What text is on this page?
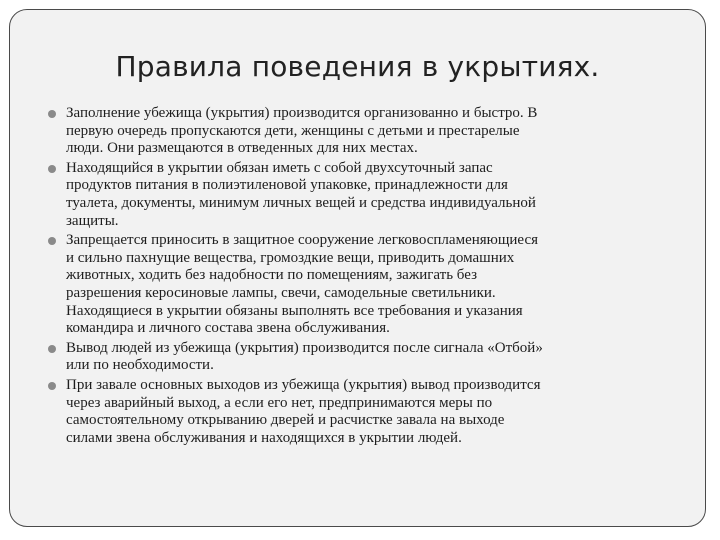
Правила поведения в укрытиях.
Заполнение убежища (укрытия) производится организованно и быстро. В
первую очередь пропускаются дети, женщины с детьми и престарелые
люди. Они размещаются в отведенных для них местах.
Находящийся в укрытии обязан иметь с собой двухсуточный запас
продуктов питания в полиэтиленовой упаковке, принадлежности для
туалета, документы, минимум личных вещей и средства индивидуальной
защиты.
Запрещается приносить в защитное сооружение легковоспламеняющиеся
и сильно пахнущие вещества, громоздкие вещи, приводить домашних
животных, ходить без надобности по помещениям, зажигать без
разрешения керосиновые лампы, свечи, самодельные светильники.
Находящиеся в укрытии обязаны выполнять все требования и указания
командира и личного состава звена обслуживания.
Вывод людей из убежища (укрытия) производится после сигнала «Отбой»
или по необходимости.
При завале основных выходов из убежища (укрытия) вывод производится
через аварийный выход, а если его нет, предпринимаются меры по
самостоятельному открыванию дверей и расчистке завала на выходе
силами звена обслуживания и находящихся в укрытии людей.
